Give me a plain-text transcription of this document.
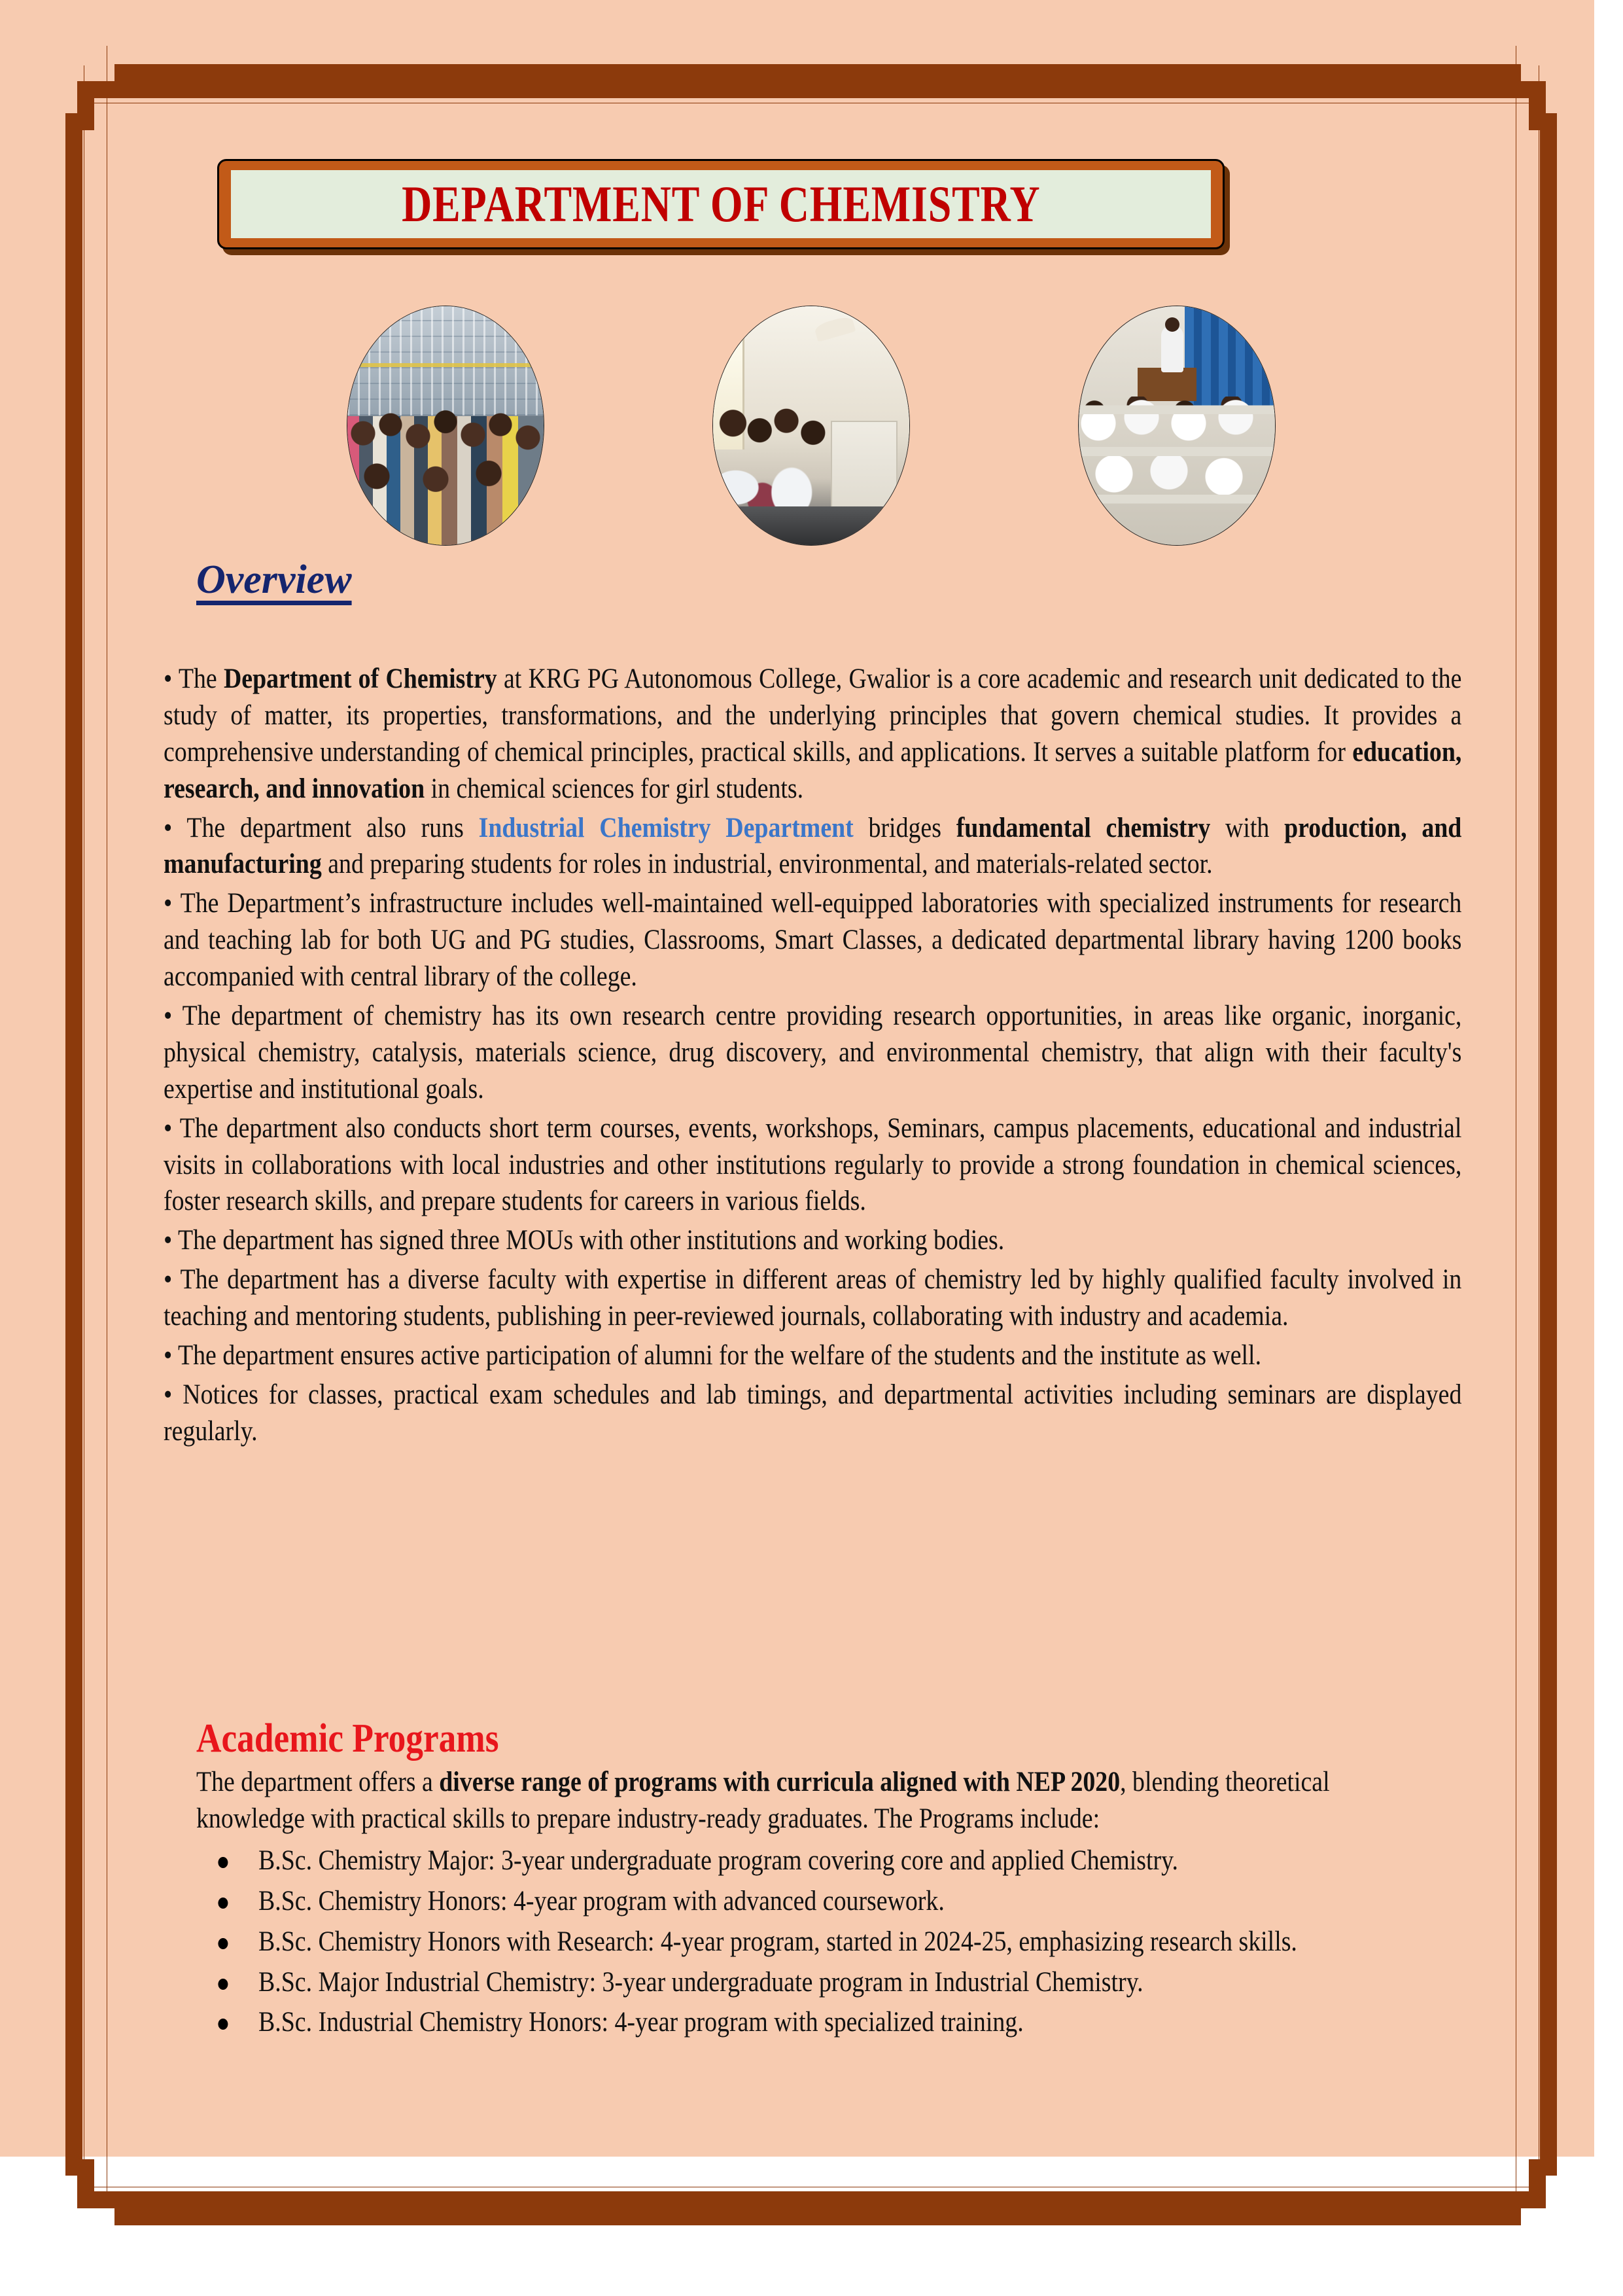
DEPARTMENT OF CHEMISTRY
Overview

• The Department of Chemistry at KRG PG Autonomous College, Gwalior is a core academic and research unit dedicated to the study of matter, its properties, transformations, and the underlying principles that govern chemical studies. It provides a comprehensive understanding of chemical principles, practical skills, and applications. It serves a suitable platform for education, research, and innovation in chemical sciences for girl students.

• The department also runs Industrial Chemistry Department bridges fundamental chemistry with production, and manufacturing and preparing students for roles in industrial, environmental, and materials-related sector.

• The Department’s infrastructure includes well-maintained well-equipped laboratories with specialized instruments for research and teaching lab for both UG and PG studies, Classrooms, Smart Classes, a dedicated departmental library having 1200 books accompanied with central library of the college.

• The department of chemistry has its own research centre providing research opportunities, in areas like organic, inorganic, physical chemistry, catalysis, materials science, drug discovery, and environmental chemistry, that align with their faculty's expertise and institutional goals.

• The department also conducts short term courses, events, workshops, Seminars, campus placements, educational and industrial visits in collaborations with local industries and other institutions regularly to provide a strong foundation in chemical sciences, foster research skills, and prepare students for careers in various fields.

• The department has signed three MOUs with other institutions and working bodies.

• The department has a diverse faculty with expertise in different areas of chemistry led by highly qualified faculty involved in teaching and mentoring students, publishing in peer-reviewed journals, collaborating with industry and academia.

• The department ensures active participation of alumni for the welfare of the students and the institute as well.

• Notices for classes, practical exam schedules and lab timings, and departmental activities including seminars are displayed regularly.

Academic Programs

The department offers a diverse range of programs with curricula aligned with NEP 2020, blending theoretical knowledge with practical skills to prepare industry-ready graduates. The Programs include:

B.Sc. Chemistry Major: 3-year undergraduate program covering core and applied Chemistry.
B.Sc. Chemistry Honors: 4-year program with advanced coursework.
B.Sc. Chemistry Honors with Research: 4-year program, started in 2024-25, emphasizing research skills.
B.Sc. Major Industrial Chemistry: 3-year undergraduate program in Industrial Chemistry.
B.Sc. Industrial Chemistry Honors: 4-year program with specialized training.
